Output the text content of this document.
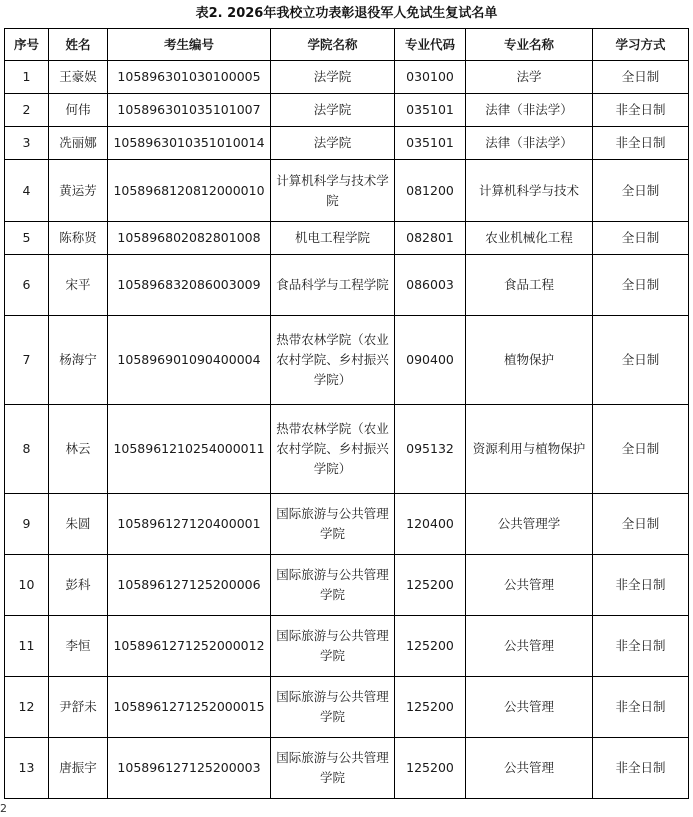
表2. 2026年我校立功表彰退役军人免试生复试名单
序号	姓名	考生编号	学院名称	专业代码	专业名称	学习方式
1	王豪娱	105896301030100005	法学院	030100	法学	全日制
2	何伟	105896301035101007	法学院	035101	法律（非法学）	非全日制
3	冼丽娜	1058963010351010014	法学院	035101	法律（非法学）	非全日制
4	黄运芳	1058968120812000010	计算机科学与技术学院	081200	计算机科学与技术	全日制
5	陈称贤	105896802082801008	机电工程学院	082801	农业机械化工程	全日制
6	宋平	105896832086003009	食品科学与工程学院	086003	食品工程	全日制
7	杨海宁	105896901090400004	热带农林学院（农业农村学院、乡村振兴学院）	090400	植物保护	全日制
8	林云	1058961210254000011	热带农林学院（农业农村学院、乡村振兴学院）	095132	资源利用与植物保护	全日制
9	朱圆	105896127120400001	国际旅游与公共管理学院	120400	公共管理学	全日制
10	彭科	105896127125200006	国际旅游与公共管理学院	125200	公共管理	非全日制
11	李恒	1058961271252000012	国际旅游与公共管理学院	125200	公共管理	非全日制
12	尹舒未	1058961271252000015	国际旅游与公共管理学院	125200	公共管理	非全日制
13	唐振宇	105896127125200003	国际旅游与公共管理学院	125200	公共管理	非全日制
2
